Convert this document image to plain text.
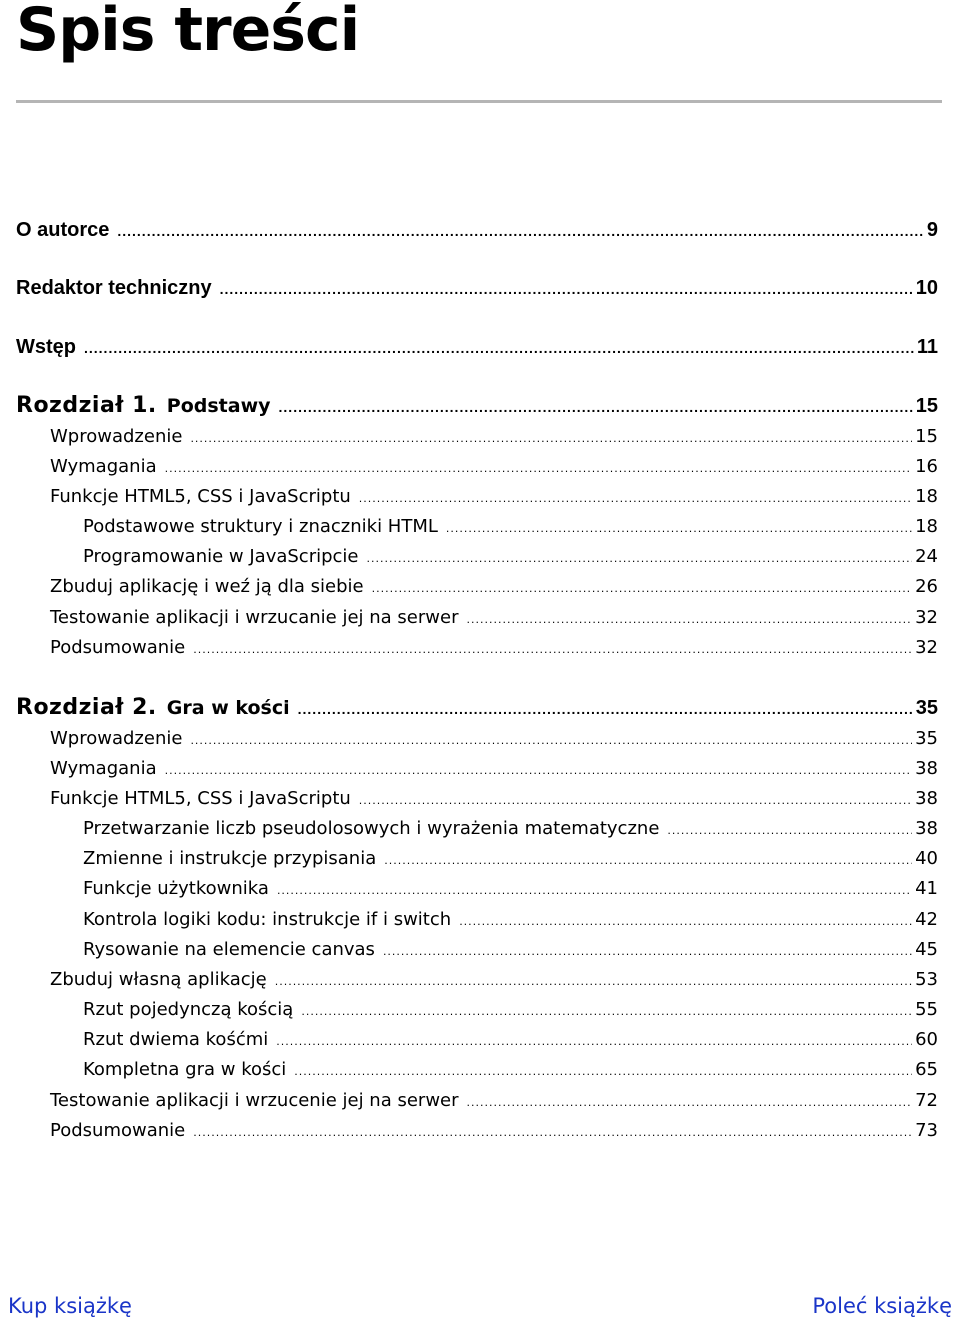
Spis treści
O autorce .....	9
Redaktor techniczny .....	10
Wstęp .....	11
Rozdział 1. Podstawy .....	15
Wprowadzenie .....	15
Wymagania .....	16
Funkcje HTML5, CSS i JavaScriptu .....	18
Podstawowe struktury i znaczniki HTML .....	18
Programowanie w JavaScripcie .....	24
Zbuduj aplikację i weź ją dla siebie .....	26
Testowanie aplikacji i wrzucanie jej na serwer .....	32
Podsumowanie .....	32
Rozdział 2. Gra w kości .....	35
Wprowadzenie .....	35
Wymagania .....	38
Funkcje HTML5, CSS i JavaScriptu .....	38
Przetwarzanie liczb pseudolosowych i wyrażenia matematyczne .....	38
Zmienne i instrukcje przypisania .....	40
Funkcje użytkownika .....	41
Kontrola logiki kodu: instrukcje if i switch .....	42
Rysowanie na elemencie canvas .....	45
Zbuduj własną aplikację .....	53
Rzut pojedynczą kością .....	55
Rzut dwiema kośćmi .....	60
Kompletna gra w kości .....	65
Testowanie aplikacji i wrzucenie jej na serwer .....	72
Podsumowanie .....	73
Kup książkę	Poleć książkę
